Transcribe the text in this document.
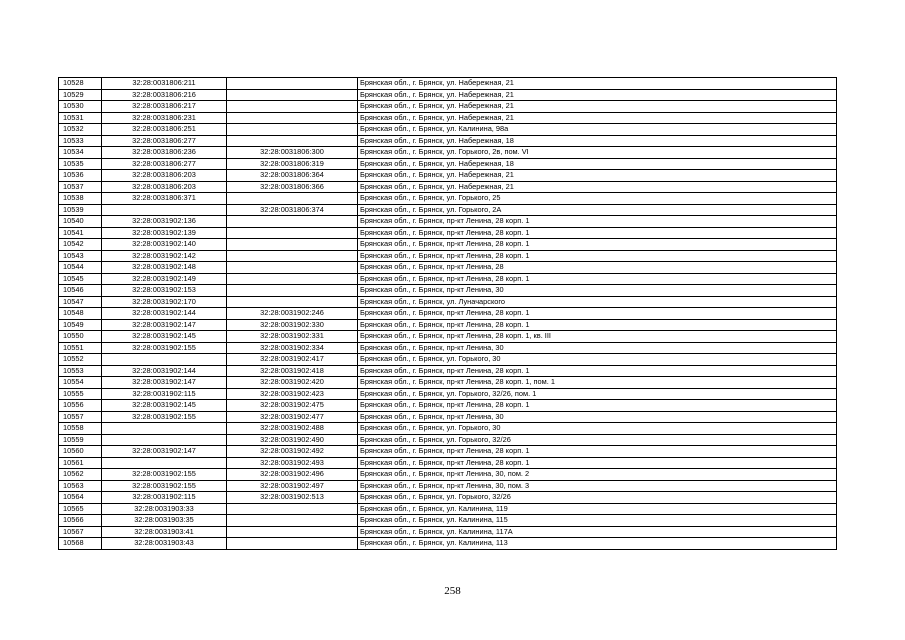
10528	32:28:0031806:211		Брянская обл., г. Брянск, ул. Набережная, 21
10529	32:28:0031806:216		Брянская обл., г. Брянск, ул. Набережная, 21
10530	32:28:0031806:217		Брянская обл., г. Брянск, ул. Набережная, 21
10531	32:28:0031806:231		Брянская обл., г. Брянск, ул. Набережная, 21
10532	32:28:0031806:251		Брянская обл., г. Брянск, ул. Калинина, 98а
10533	32:28:0031806:277		Брянская обл., г. Брянск, ул. Набережная, 18
10534	32:28:0031806:236	32:28:0031806:300	Брянская обл., г. Брянск, ул. Горького, 2в, пом. VI
10535	32:28:0031806:277	32:28:0031806:319	Брянская обл., г. Брянск, ул. Набережная, 18
10536	32:28:0031806:203	32:28:0031806:364	Брянская обл., г. Брянск, ул. Набережная, 21
10537	32:28:0031806:203	32:28:0031806:366	Брянская обл., г. Брянск, ул. Набережная, 21
10538	32:28:0031806:371		Брянская обл., г. Брянск, ул. Горького, 25
10539		32:28:0031806:374	Брянская обл., г. Брянск, ул. Горького, 2А
10540	32:28:0031902:136		Брянская обл., г. Брянск, пр-кт Ленина, 28 корп. 1
10541	32:28:0031902:139		Брянская обл., г. Брянск, пр-кт Ленина, 28 корп. 1
10542	32:28:0031902:140		Брянская обл., г. Брянск, пр-кт Ленина, 28 корп. 1
10543	32:28:0031902:142		Брянская обл., г. Брянск, пр-кт Ленина, 28 корп. 1
10544	32:28:0031902:148		Брянская обл., г. Брянск, пр-кт Ленина, 28
10545	32:28:0031902:149		Брянская обл., г. Брянск, пр-кт Ленина, 28 корп. 1
10546	32:28:0031902:153		Брянская обл., г. Брянск, пр-кт Ленина, 30
10547	32:28:0031902:170		Брянская обл., г. Брянск, ул. Луначарского
10548	32:28:0031902:144	32:28:0031902:246	Брянская обл., г. Брянск, пр-кт Ленина, 28 корп. 1
10549	32:28:0031902:147	32:28:0031902:330	Брянская обл., г. Брянск, пр-кт Ленина, 28 корп. 1
10550	32:28:0031902:145	32:28:0031902:331	Брянская обл., г. Брянск, пр-кт Ленина, 28 корп. 1, кв. III
10551	32:28:0031902:155	32:28:0031902:334	Брянская обл., г. Брянск, пр-кт Ленина, 30
10552		32:28:0031902:417	Брянская обл., г. Брянск, ул. Горького, 30
10553	32:28:0031902:144	32:28:0031902:418	Брянская обл., г. Брянск, пр-кт Ленина, 28 корп. 1
10554	32:28:0031902:147	32:28:0031902:420	Брянская обл., г. Брянск, пр-кт Ленина, 28 корп. 1, пом. 1
10555	32:28:0031902:115	32:28:0031902:423	Брянская обл., г. Брянск, ул. Горького, 32/26, пом. 1
10556	32:28:0031902:145	32:28:0031902:475	Брянская обл., г. Брянск, пр-кт Ленина, 28 корп. 1
10557	32:28:0031902:155	32:28:0031902:477	Брянская обл., г. Брянск, пр-кт Ленина, 30
10558		32:28:0031902:488	Брянская обл., г. Брянск, ул. Горького, 30
10559		32:28:0031902:490	Брянская обл., г. Брянск, ул. Горького, 32/26
10560	32:28:0031902:147	32:28:0031902:492	Брянская обл., г. Брянск, пр-кт Ленина, 28 корп. 1
10561		32:28:0031902:493	Брянская обл., г. Брянск, пр-кт Ленина, 28 корп. 1
10562	32:28:0031902:155	32:28:0031902:496	Брянская обл., г. Брянск, пр-кт Ленина, 30, пом. 2
10563	32:28:0031902:155	32:28:0031902:497	Брянская обл., г. Брянск, пр-кт Ленина, 30, пом. 3
10564	32:28:0031902:115	32:28:0031902:513	Брянская обл., г. Брянск, ул. Горького, 32/26
10565	32:28:0031903:33		Брянская обл., г. Брянск, ул. Калинина, 119
10566	32:28:0031903:35		Брянская обл., г. Брянск, ул. Калинина, 115
10567	32:28:0031903:41		Брянская обл., г. Брянск, ул. Калинина, 117А
10568	32:28:0031903:43		Брянская обл., г. Брянск, ул. Калинина, 113
258
